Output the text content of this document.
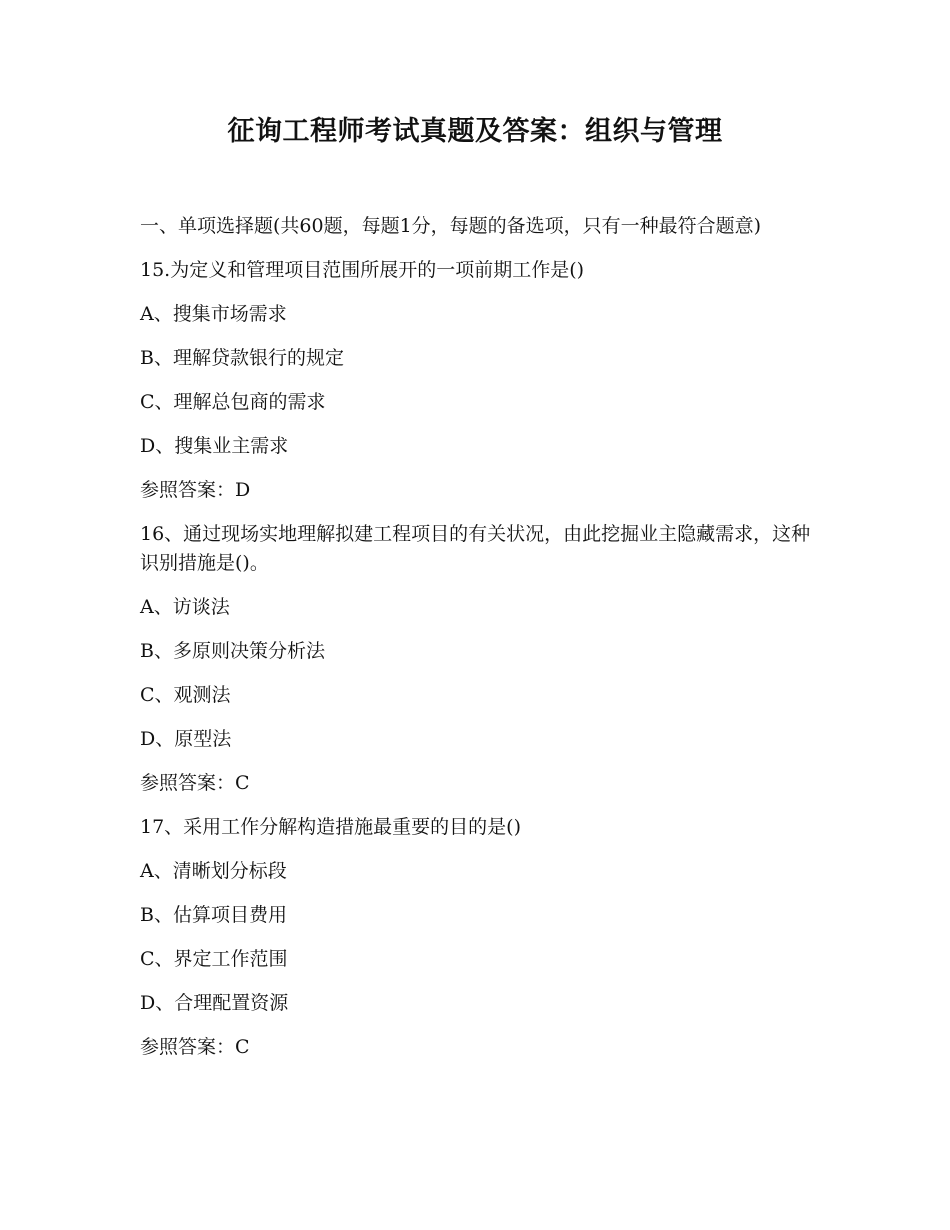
征询工程师考试真题及答案：组织与管理

一、单项选择题(共60题，每题1分，每题的备选项，只有一种最符合题意)

15.为定义和管理项目范围所展开的一项前期工作是()

A、搜集市场需求

B、理解贷款银行的规定

C、理解总包商的需求

D、搜集业主需求

参照答案：D

16、通过现场实地理解拟建工程项目的有关状况，由此挖掘业主隐藏需求，这种识别措施是()。

A、访谈法

B、多原则决策分析法

C、观测法

D、原型法

参照答案：C

17、采用工作分解构造措施最重要的目的是()

A、清晰划分标段

B、估算项目费用

C、界定工作范围

D、合理配置资源

参照答案：C
